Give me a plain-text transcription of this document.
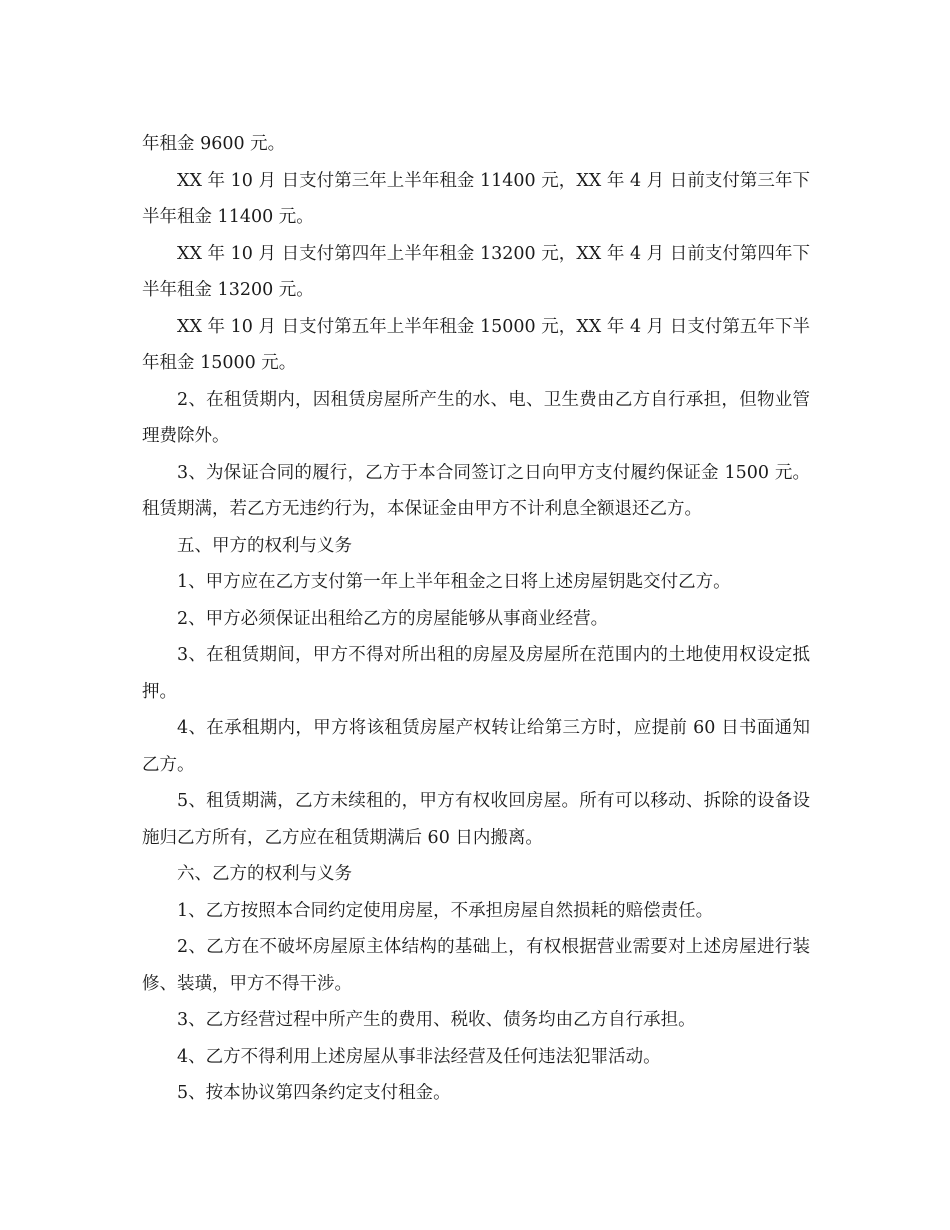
年租金 9600 元。

XX 年 10 月 日支付第三年上半年租金 11400 元，XX 年 4 月 日前支付第三年下半年租金 11400 元。

XX 年 10 月 日支付第四年上半年租金 13200 元，XX 年 4 月 日前支付第四年下半年租金 13200 元。

XX 年 10 月 日支付第五年上半年租金 15000 元，XX 年 4 月 日支付第五年下半年租金 15000 元。

2、在租赁期内，因租赁房屋所产生的水、电、卫生费由乙方自行承担，但物业管理费除外。

3、为保证合同的履行，乙方于本合同签订之日向甲方支付履约保证金 1500 元。租赁期满，若乙方无违约行为，本保证金由甲方不计利息全额退还乙方。

五、甲方的权利与义务

1、甲方应在乙方支付第一年上半年租金之日将上述房屋钥匙交付乙方。

2、甲方必须保证出租给乙方的房屋能够从事商业经营。

3、在租赁期间，甲方不得对所出租的房屋及房屋所在范围内的土地使用权设定抵押。

4、在承租期内，甲方将该租赁房屋产权转让给第三方时，应提前 60 日书面通知乙方。

5、租赁期满，乙方未续租的，甲方有权收回房屋。所有可以移动、拆除的设备设施归乙方所有，乙方应在租赁期满后 60 日内搬离。

六、乙方的权利与义务

1、乙方按照本合同约定使用房屋，不承担房屋自然损耗的赔偿责任。

2、乙方在不破坏房屋原主体结构的基础上，有权根据营业需要对上述房屋进行装修、装璜，甲方不得干涉。

3、乙方经营过程中所产生的费用、税收、债务均由乙方自行承担。

4、乙方不得利用上述房屋从事非法经营及任何违法犯罪活动。

5、按本协议第四条约定支付租金。
